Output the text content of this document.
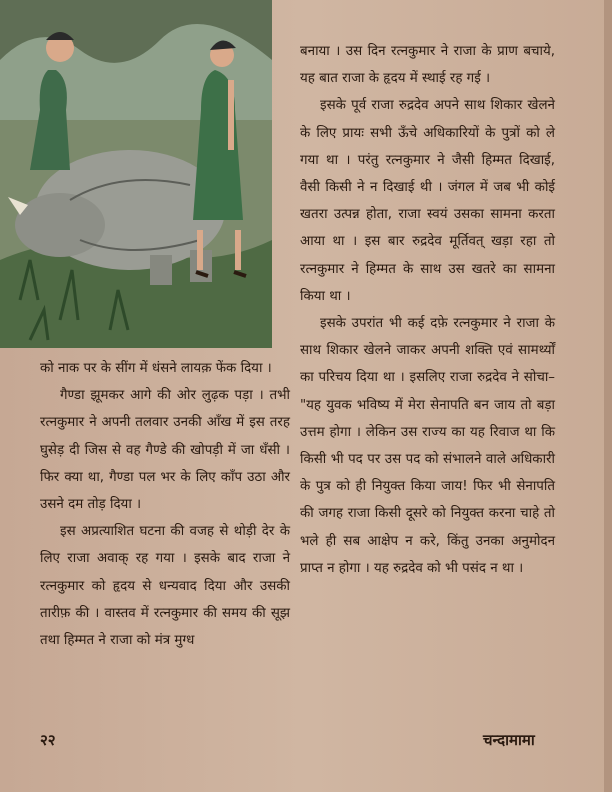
बनाया । उस दिन रत्नकुमार ने राजा के प्राण बचाये, यह बात राजा के हृदय में स्थाई रह गई ।

इसके पूर्व राजा रुद्रदेव अपने साथ शिकार खेलने के लिए प्रायः सभी ऊँचे अधिकारियों के पुत्रों को ले गया था । परंतु रत्नकुमार ने जैसी हिम्मत दिखाई, वैसी किसी ने न दिखाई थी । जंगल में जब भी कोई खतरा उत्पन्न होता, राजा स्वयं उसका सामना करता आया था । इस बार रुद्रदेव मूर्तिवत् खड़ा रहा तो रत्नकुमार ने हिम्मत के साथ उस खतरे का सामना किया था ।

इसके उपरांत भी कई दफ़े रत्नकुमार ने राजा के साथ शिकार खेलने जाकर अपनी शक्ति एवं सामर्थ्यों का परिचय दिया था । इसलिए राजा रुद्रदेव ने सोचा– "यह युवक भविष्य में मेरा सेनापति बन जाय तो बड़ा उत्तम होगा । लेकिन उस राज्य का यह रिवाज था कि किसी भी पद पर उस पद को संभालने वाले अधिकारी के पुत्र को ही नियुक्त किया जाय! फिर भी सेनापति की जगह राजा किसी दूसरे को नियुक्त करना चाहे तो भले ही सब आक्षेप न करे, किंतु उनका अनुमोदन प्राप्त न होगा । यह रुद्रदेव को भी पसंद न था ।

को नाक पर के सींग में धंसने लायक़ फेंक दिया ।

गैण्डा झूमकर आगे की ओर लुढ़क पड़ा । तभी रत्नकुमार ने अपनी तलवार उनकी आँख में इस तरह घुसेड़ दी जिस से वह गैण्डे की खोपड़ी में जा धँसी । फिर क्या था, गैण्डा पल भर के लिए काँप उठा और उसने दम तोड़ दिया ।

इस अप्रत्याशित घटना की वजह से थोड़ी देर के लिए राजा अवाक् रह गया । इसके बाद राजा ने रत्नकुमार को हृदय से धन्यवाद दिया और उसकी तारीफ़ की । वास्तव में रत्नकुमार की समय की सूझ तथा हिम्मत ने राजा को मंत्र मुग्ध

२२	चन्दामामा
